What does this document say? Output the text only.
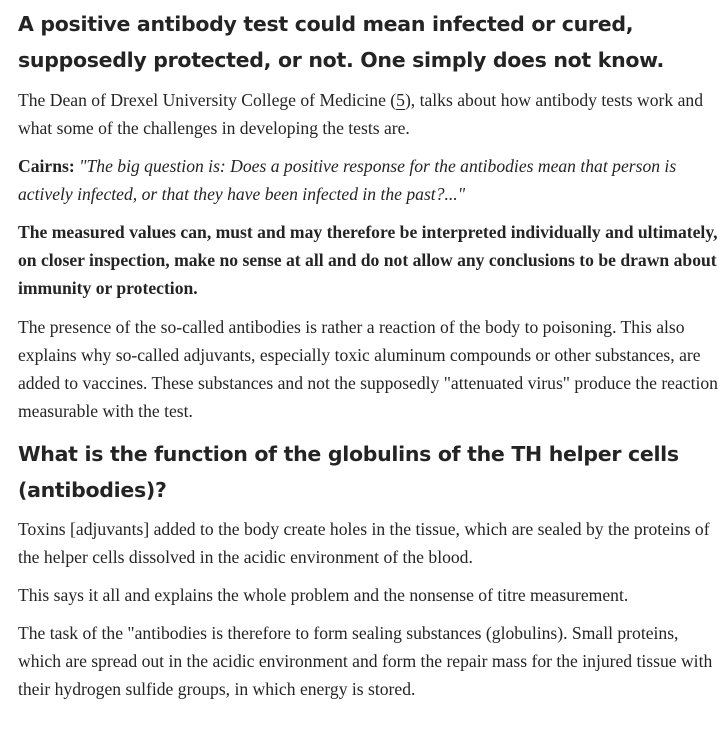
A positive antibody test could mean infected or cured, supposedly protected, or not. One simply does not know.

The Dean of Drexel University College of Medicine (5), talks about how antibody tests work and what some of the challenges in developing the tests are.

Cairns: "The big question is: Does a positive response for the antibodies mean that person is actively infected, or that they have been infected in the past?..."

The measured values can, must and may therefore be interpreted individually and ultimately, on closer inspection, make no sense at all and do not allow any conclusions to be drawn about immunity or protection.

The presence of the so-called antibodies is rather a reaction of the body to poisoning. This also explains why so-called adjuvants, especially toxic aluminum compounds or other substances, are added to vaccines. These substances and not the supposedly "attenuated virus" produce the reaction measurable with the test.

What is the function of the globulins of the TH helper cells (antibodies)?

Toxins [adjuvants] added to the body create holes in the tissue, which are sealed by the proteins of the helper cells dissolved in the acidic environment of the blood.

This says it all and explains the whole problem and the nonsense of titre measurement.

The task of the "antibodies is therefore to form sealing substances (globulins). Small proteins, which are spread out in the acidic environment and form the repair mass for the injured tissue with their hydrogen sulfide groups, in which energy is stored.
